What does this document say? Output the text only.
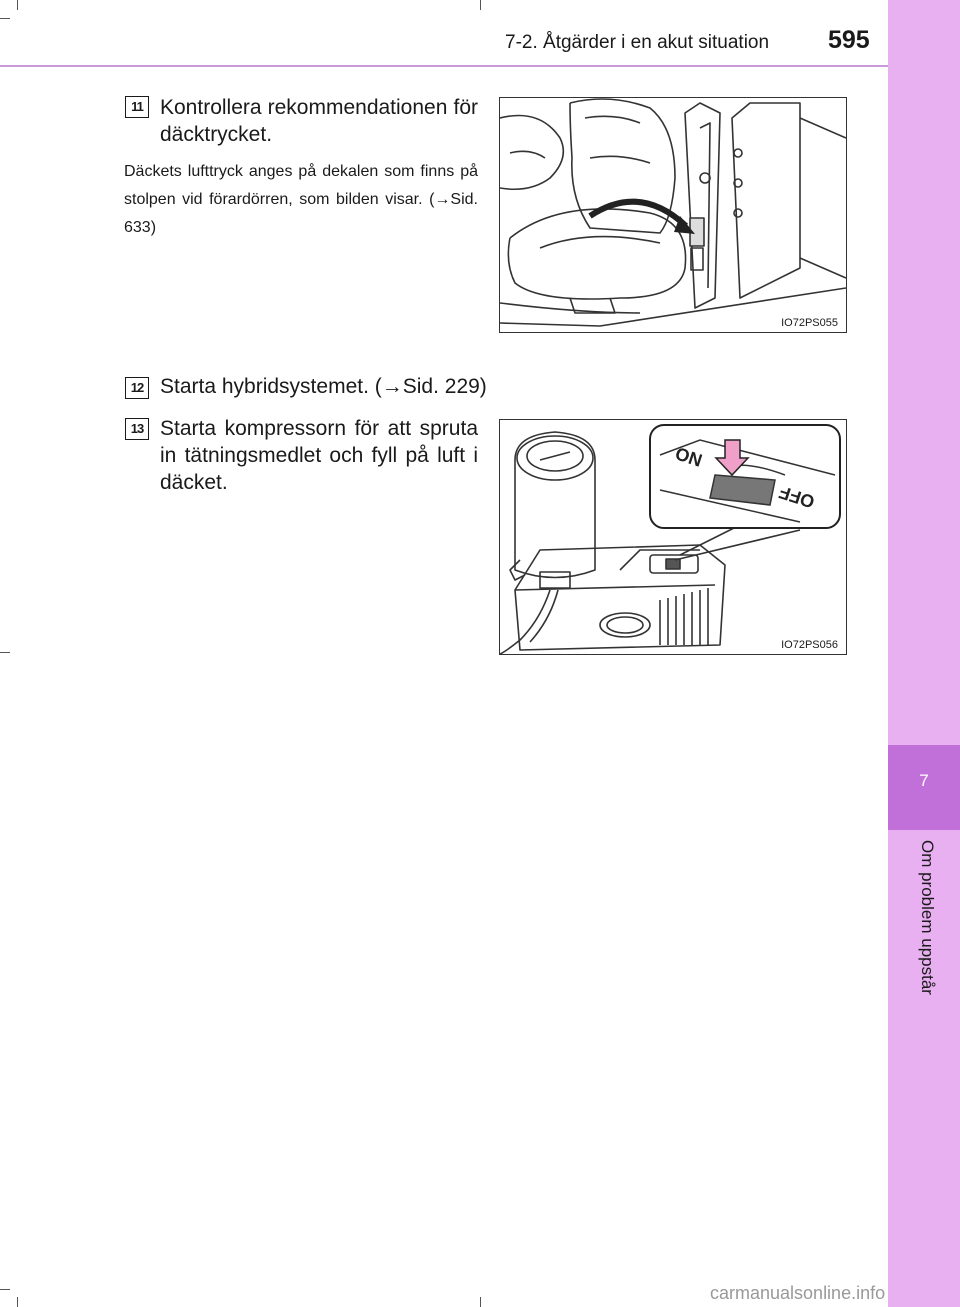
7-2. Åtgärder i en akut situation 595
7
Om problem uppstår
11 Kontrollera rekommendationen för däcktrycket.
Däckets lufttryck anges på dekalen som finns på stolpen vid förardörren, som bilden visar. (→Sid. 633)
IO72PS055
12 Starta hybridsystemet. (→Sid. 229)
13 Starta kompressorn för att spruta in tätningsmedlet och fyll på luft i däcket.
ON
OFF
IO72PS056
carmanualsonline.info
